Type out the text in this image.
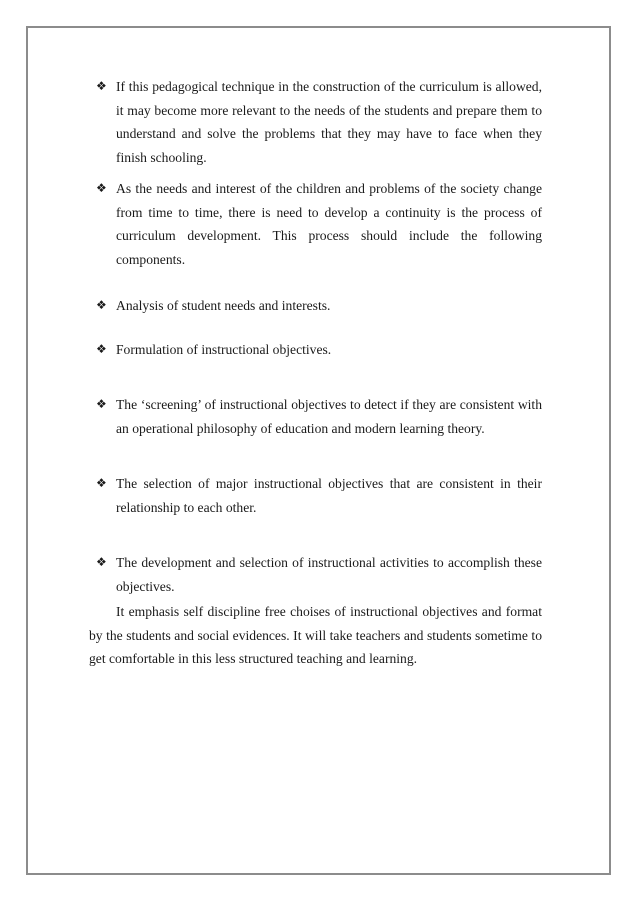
❖ If this pedagogical technique in the construction of the curriculum is allowed, it may become more relevant to the needs of the students and prepare them to understand and solve the problems that they may have to face when they finish schooling.
❖ As the needs and interest of the children and problems of the society change from time to time, there is need to develop a continuity is the process of curriculum development. This process should include the following components.
❖ Analysis of student needs and interests.
❖ Formulation of instructional objectives.
❖ The ‘screening’ of instructional objectives to detect if they are consistent with an operational philosophy of education and modern learning theory.
❖ The selection of major instructional objectives that are consistent in their relationship to each other.
❖ The development and selection of instructional activities to accomplish these objectives.
It emphasis self discipline free choises of instructional objectives and format by the students and social evidences. It will take teachers and students sometime to get comfortable in this less structured teaching and learning.
